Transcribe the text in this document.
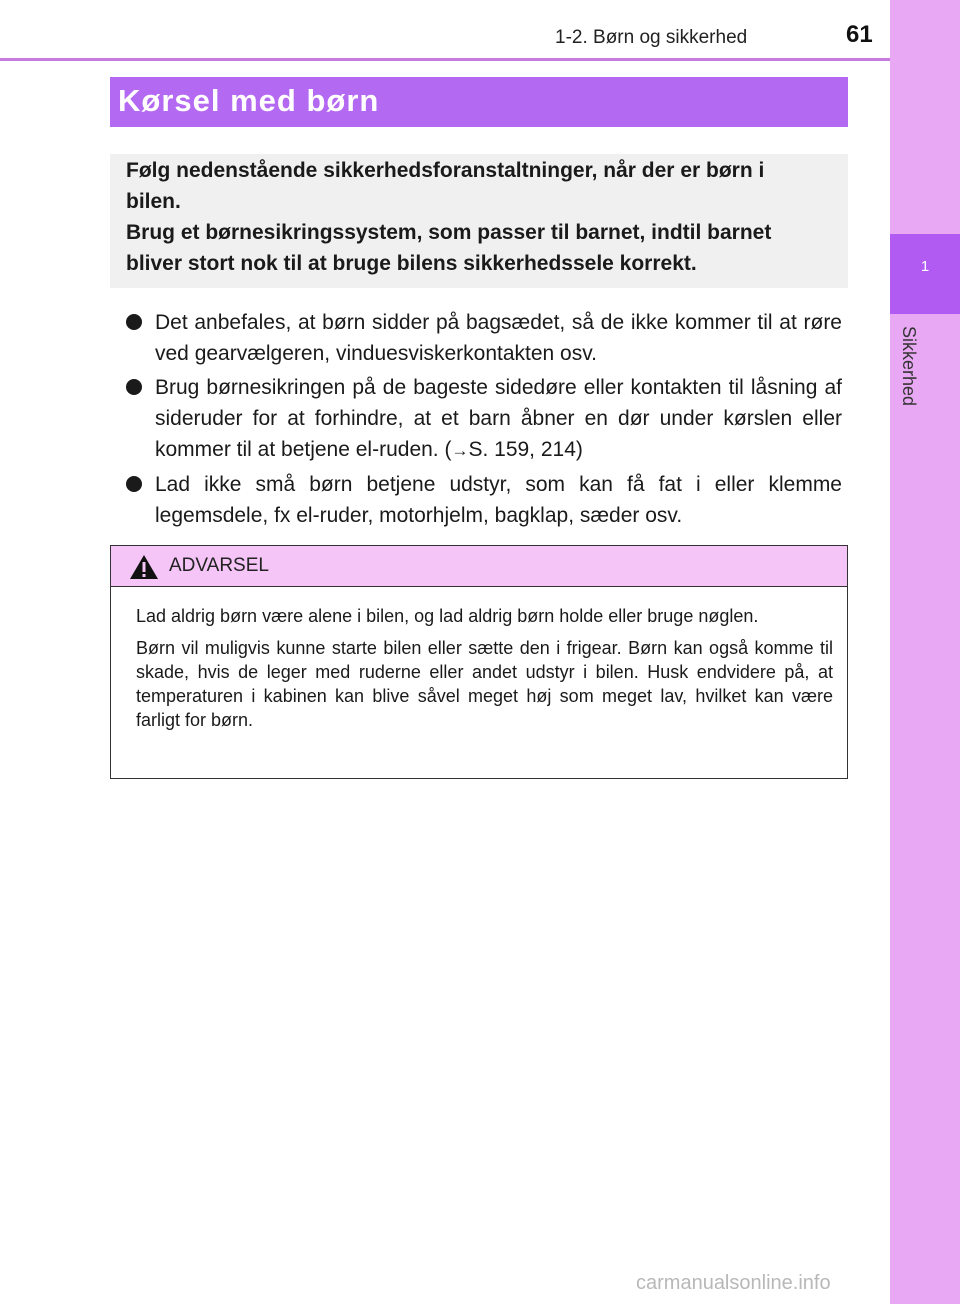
1
Sikkerhed
1-2. Børn og sikkerhed	61
Kørsel med børn
Følg nedenstående sikkerhedsforanstaltninger, når der er børn i
bilen.
Brug et børnesikringssystem, som passer til barnet, indtil barnet
bliver stort nok til at bruge bilens sikkerhedssele korrekt.
Det anbefales, at børn sidder på bagsædet, så de ikke kommer til at røre ved gearvælgeren, vinduesviskerkontakten osv.
Brug børnesikringen på de bageste sidedøre eller kontakten til låsning af sideruder for at forhindre, at et barn åbner en dør under kørslen eller kommer til at betjene el-ruden. (→S. 159, 214)
Lad ikke små børn betjene udstyr, som kan få fat i eller klemme legemsdele, fx el-ruder, motorhjelm, bagklap, sæder osv.
ADVARSEL

Lad aldrig børn være alene i bilen, og lad aldrig børn holde eller bruge nøglen.

Børn vil muligvis kunne starte bilen eller sætte den i frigear. Børn kan også komme til skade, hvis de leger med ruderne eller andet udstyr i bilen. Husk endvidere på, at temperaturen i kabinen kan blive såvel meget høj som meget lav, hvilket kan være farligt for børn.

carmanualsonline.info
